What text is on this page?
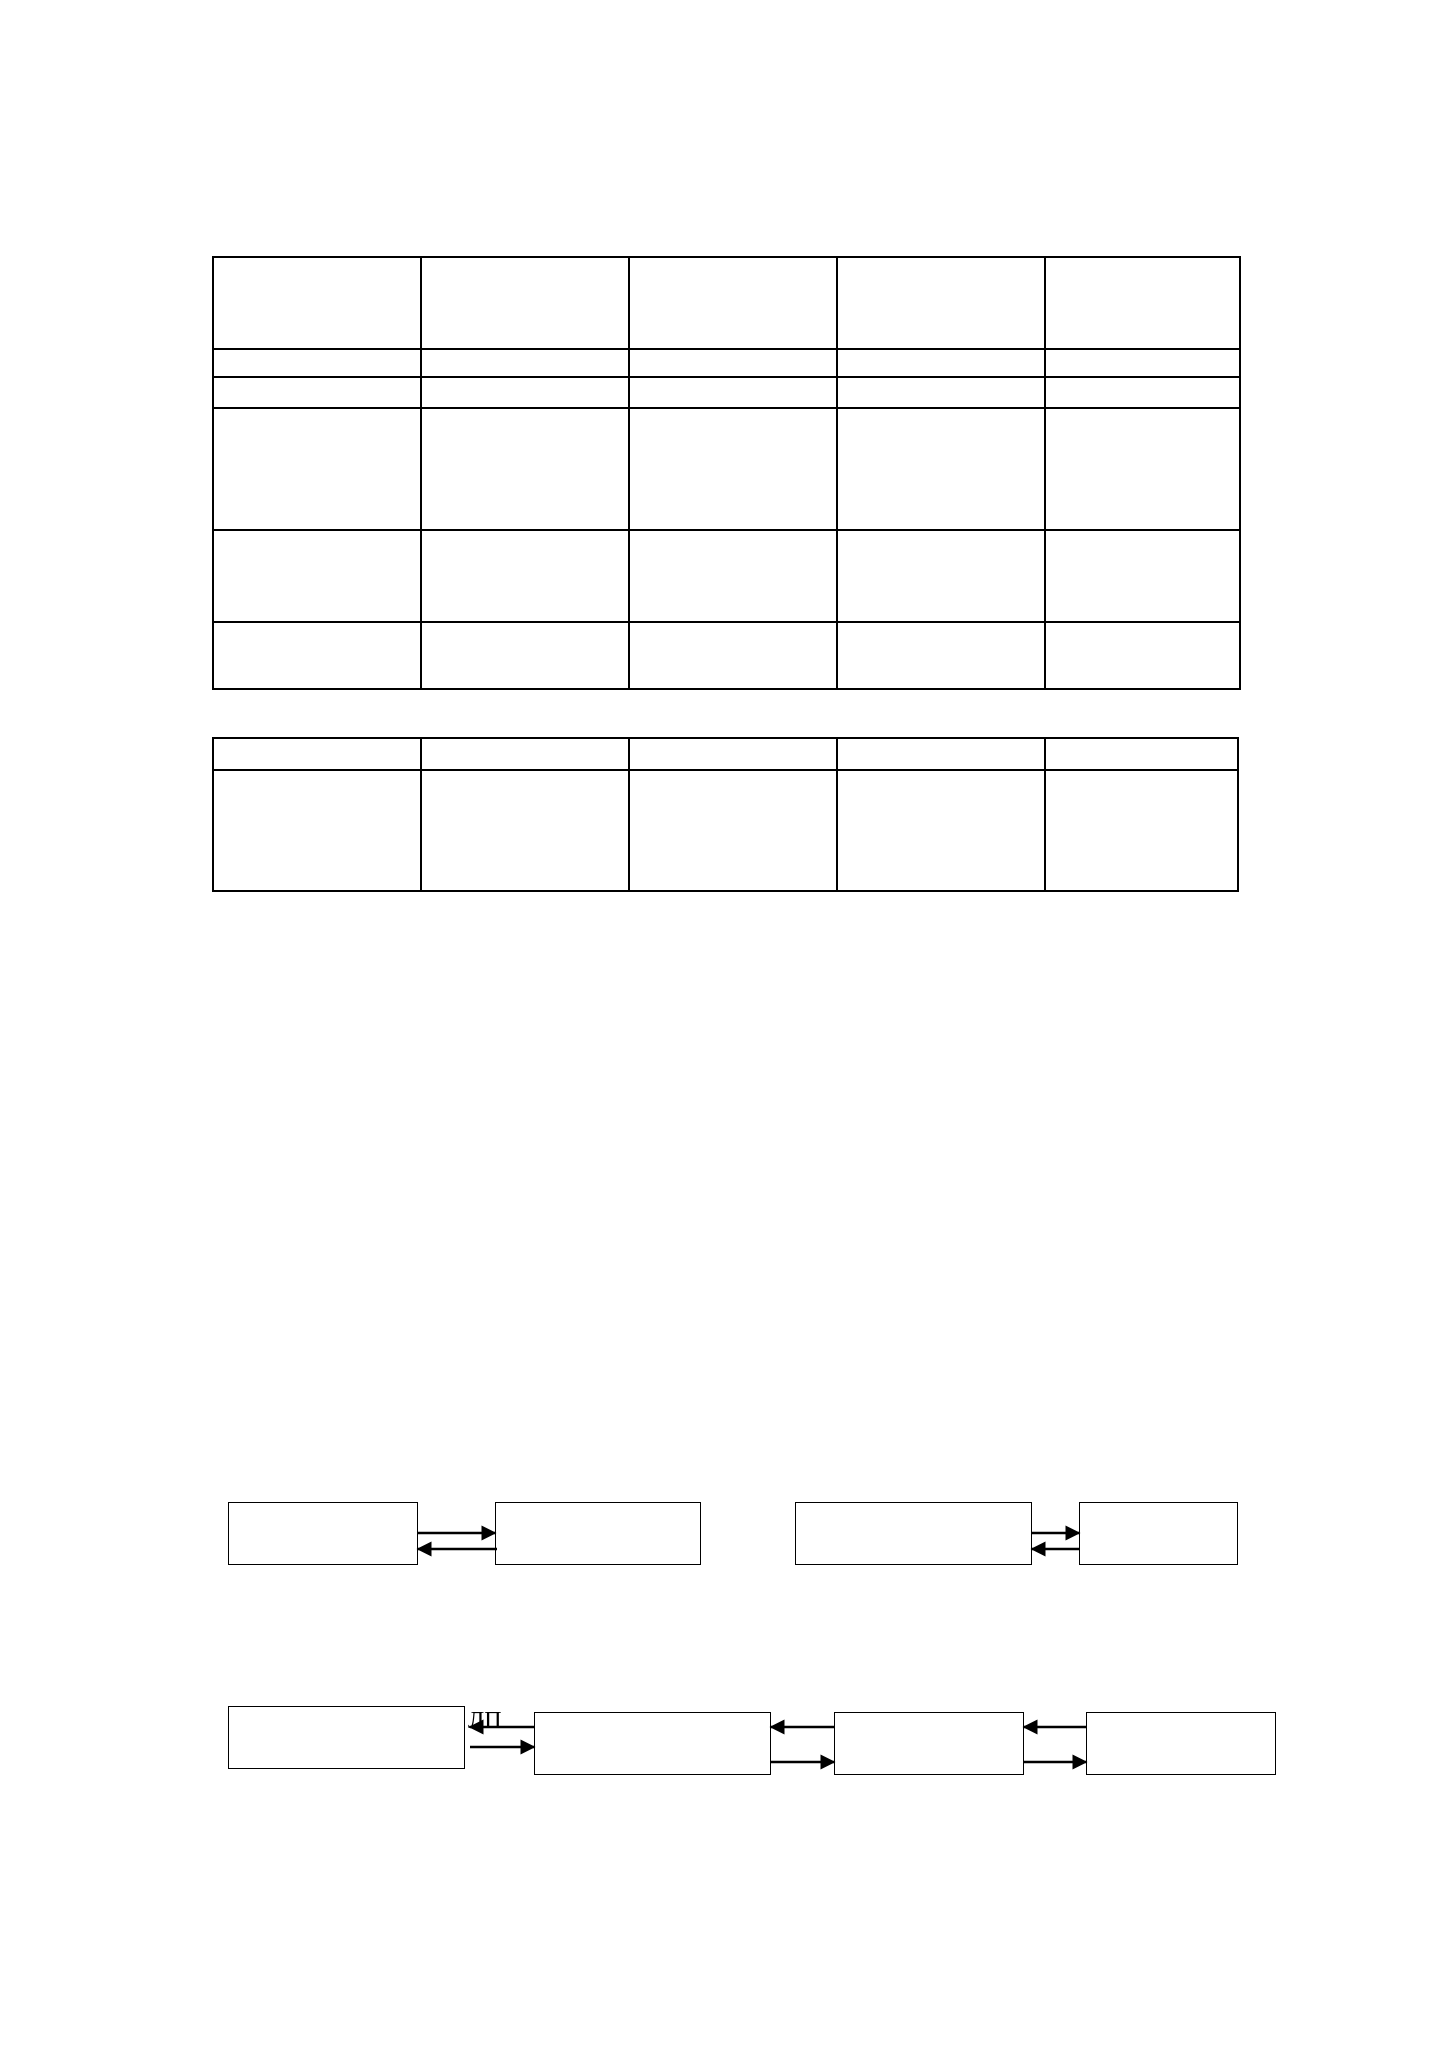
ЛП
